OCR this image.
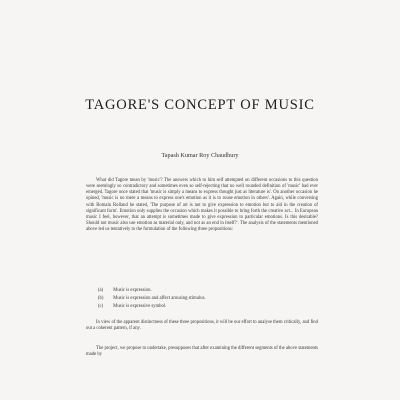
TAGORE'S CONCEPT OF MUSIC
Tapash Kumar Roy Chaudhury

What did Tagore mean by 'music'? The answers which to him self attempted on different occasions to this question were seemingly so contradictory and sometimes even so self-rejecting that no well rounded definition of 'music' had ever emerged. Tagore once stated that 'music is simply a means to express thought just as literature is'. On another occasion he opined, 'music is no mere a means to express one's emotion as it is to rouse emotion in others'. Again, while conversing with Romain Rolland he stated, 'The purpose of art is not to give expression to emotion but to aid in the creation of significant form'. Emotion only supplies the occasion which makes it possible to bring forth the creative act... In European music I feel, however, that an attempt is sometimes made to give expression to particular emotions. Is this desirable? Should not music also use emotion as material only, and not as an end in itself?'. The analysis of the statements mentioned above led us tentatively to the formulation of the following three propositions:

(a) Music is expression.
(b) Music is expression and affect arousing stimulus.
(c) Music is expressive symbol.

In view of the apparent distinctness of these three propositions, it will be our effort to analyse them critically, and find out a coherent pattern, if any.

The project, we propose to undertake, presupposes that after examining the different segments of the above statements made by
